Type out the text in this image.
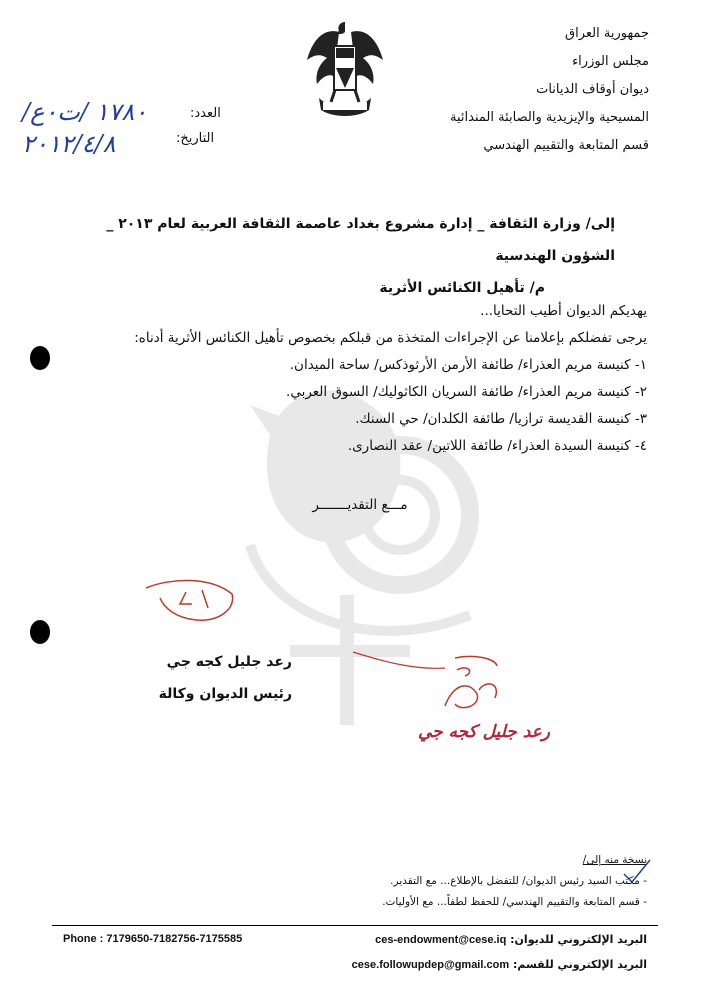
جمهورية العراق
مجلس الوزراء
ديوان أوقاف الديانات
المسيحية والإيزيدية والصابئة المندائية
قسم المتابعة والتقييم الهندسي
العدد:
التاريخ:
١٧٨٠ /ت٠ع/
٢٠١٢/٤/٨
إلى/ وزارة الثقافة _ إدارة مشروع بغداد عاصمة الثقافة العربية لعام ٢٠١٣ _ الشؤون الهندسية
م/ تأهيل الكنائس الأثرية
يهديكم الديوان أطيب التحايا...
يرجى تفضلكم بإعلامنا عن الإجراءات المتخذة من قبلكم بخصوص تأهيل الكنائس الأثرية أدناه:
١- كنيسة مريم العذراء/ طائفة الأرمن الأرثوذكس/ ساحة الميدان.
٢- كنيسة مريم العذراء/ طائفة السريان الكاثوليك/ السوق العربي.
٣- كنيسة القديسة ترازيا/ طائفة الكلدان/ حي السنك.
٤- كنيسة السيدة العذراء/ طائفة اللاتين/ عقد النصارى.
مـــع التقديـــــــر
رعد جليل كجه جي
رئيس الديوان وكالة
رعد جليل كجه جي
نسخة منه إلى/
- مكتب السيد رئيس الديوان/ للتفضل بالإطلاع... مع التقدير.
- قسم المتابعة والتقييم الهندسي/ للحفظ لطفاً... مع الأوليات.
Phone : 7179650-7182756-7175585	البريد الإلكتروني للديوان: ces-endowment@cese.iq
البريد الإلكتروني للقسم: cese.followupdep@gmail.com
